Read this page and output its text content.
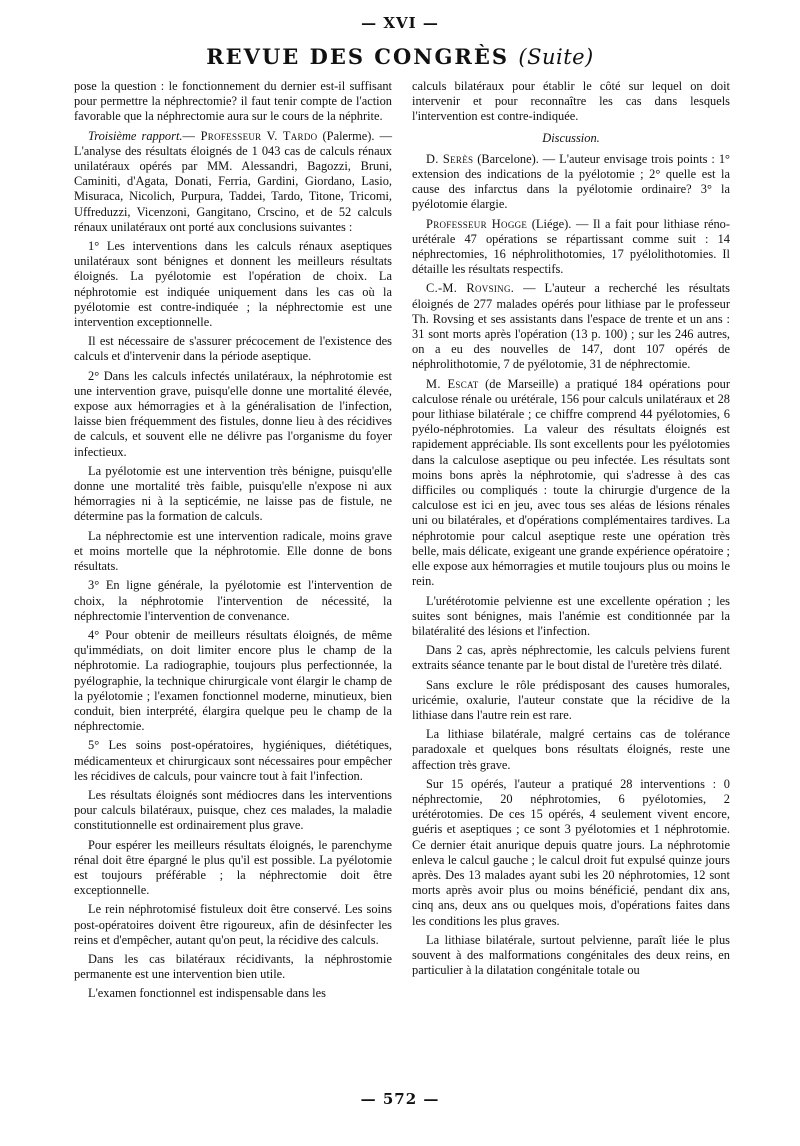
— XVI —
REVUE DES CONGRÈS (Suite)

pose la question : le fonctionnement du dernier est-il suffisant pour permettre la néphrectomie? il faut tenir compte de l'action favorable que la néphrectomie aura sur le cours de la néphrite.

Troisième rapport.— Professeur V. Tardo (Palerme). — L'analyse des résultats éloignés de 1 043 cas de calculs rénaux unilatéraux opérés par MM. Alessandri, Bagozzi, Bruni, Caminiti, d'Agata, Donati, Ferria, Gardini, Giordano, Lasio, Misuraca, Nicolich, Purpura, Taddei, Tardo, Titone, Tricomi, Uffreduzzi, Vicenzoni, Gangitano, Crscino, et de 52 calculs rénaux unilatéraux ont porté aux conclusions suivantes :

1° Les interventions dans les calculs rénaux aseptiques unilatéraux sont bénignes et donnent les meilleurs résultats éloignés. La pyélotomie est l'opération de choix. La néphrotomie est indiquée uniquement dans les cas où la pyélotomie est contre-indiquée ; la néphrectomie est une intervention exceptionnelle.

Il est nécessaire de s'assurer précocement de l'existence des calculs et d'intervenir dans la période aseptique.

2° Dans les calculs infectés unilatéraux, la néphrotomie est une intervention grave, puisqu'elle donne une mortalité élevée, expose aux hémorragies et à la généralisation de l'infection, laisse bien fréquemment des fistules, donne lieu à des récidives de calculs, et souvent elle ne délivre pas l'organisme du foyer infectieux.

La pyélotomie est une intervention très bénigne, puisqu'elle donne une mortalité très faible, puisqu'elle n'expose ni aux hémorragies ni à la septicémie, ne laisse pas de fistule, ne détermine pas la formation de calculs.

La néphrectomie est une intervention radicale, moins grave et moins mortelle que la néphrotomie. Elle donne de bons résultats.

3° En ligne générale, la pyélotomie est l'intervention de choix, la néphrotomie l'intervention de nécessité, la néphrectomie l'intervention de convenance.

4° Pour obtenir de meilleurs résultats éloignés, de même qu'immédiats, on doit limiter encore plus le champ de la néphrotomie. La radiographie, toujours plus perfectionnée, la pyélographie, la technique chirurgicale vont élargir le champ de la pyélotomie ; l'examen fonctionnel moderne, minutieux, bien conduit, bien interprété, élargira quelque peu le champ de la néphrectomie.

5° Les soins post-opératoires, hygiéniques, diététiques, médicamenteux et chirurgicaux sont nécessaires pour empêcher les récidives de calculs, pour vaincre tout à fait l'infection.

Les résultats éloignés sont médiocres dans les interventions pour calculs bilatéraux, puisque, chez ces malades, la maladie constitutionnelle est ordinairement plus grave.

Pour espérer les meilleurs résultats éloignés, le parenchyme rénal doit être épargné le plus qu'il est possible. La pyélotomie est toujours préférable ; la néphrectomie doit être exceptionnelle.

Le rein néphrotomisé fistuleux doit être conservé. Les soins post-opératoires doivent être rigoureux, afin de désinfecter les reins et d'empêcher, autant qu'on peut, la récidive des calculs.

Dans les cas bilatéraux récidivants, la néphrostomie permanente est une intervention bien utile.

L'examen fonctionnel est indispensable dans les

calculs bilatéraux pour établir le côté sur lequel on doit intervenir et pour reconnaître les cas dans lesquels l'intervention est contre-indiquée.

Discussion.

D. Serès (Barcelone). — L'auteur envisage trois points : 1° extension des indications de la pyélotomie ; 2° quelle est la cause des infarctus dans la pyélotomie ordinaire? 3° la pyélotomie élargie.

Professeur Hogge (Liége). — Il a fait pour lithiase réno-urétérale 47 opérations se répartissant comme suit : 14 néphrectomies, 16 néphrolithotomies, 17 pyélolithotomies. Il détaille les résultats respectifs.

C.-M. Rovsing. — L'auteur a recherché les résultats éloignés de 277 malades opérés pour lithiase par le professeur Th. Rovsing et ses assistants dans l'espace de trente et un ans : 31 sont morts après l'opération (13 p. 100) ; sur les 246 autres, on a eu des nouvelles de 147, dont 107 opérés de néphrolithotomie, 7 de pyélotomie, 31 de néphrectomie.

M. Escat (de Marseille) a pratiqué 184 opérations pour calculose rénale ou urétérale, 156 pour calculs unilatéraux et 28 pour lithiase bilatérale ; ce chiffre comprend 44 pyélotomies, 6 pyélo-néphrotomies. La valeur des résultats éloignés est rapidement appréciable. Ils sont excellents pour les pyélotomies dans la calculose aseptique ou peu infectée. Les résultats sont moins bons après la néphrotomie, qui s'adresse à des cas difficiles ou compliqués : toute la chirurgie d'urgence de la calculose est ici en jeu, avec tous ses aléas de lésions rénales uni ou bilatérales, et d'opérations complémentaires tardives. La néphrotomie pour calcul aseptique reste une opération très belle, mais délicate, exigeant une grande expérience opératoire ; elle expose aux hémorragies et mutile toujours plus ou moins le rein.

L'urétérotomie pelvienne est une excellente opération ; les suites sont bénignes, mais l'anémie est conditionnée par la bilatéralité des lésions et l'infection.

Dans 2 cas, après néphrectomie, les calculs pelviens furent extraits séance tenante par le bout distal de l'uretère très dilaté.

Sans exclure le rôle prédisposant des causes humorales, uricémie, oxalurie, l'auteur constate que la récidive de la lithiase dans l'autre rein est rare.

La lithiase bilatérale, malgré certains cas de tolérance paradoxale et quelques bons résultats éloignés, reste une affection très grave.

Sur 15 opérés, l'auteur a pratiqué 28 interventions : 0 néphrectomie, 20 néphrotomies, 6 pyélotomies, 2 urétérotomies. De ces 15 opérés, 4 seulement vivent encore, guéris et aseptiques ; ce sont 3 pyélotomies et 1 néphrotomie. Ce dernier était anurique depuis quatre jours. La néphrotomie enleva le calcul gauche ; le calcul droit fut expulsé quinze jours après. Des 13 malades ayant subi les 20 néphrotomies, 12 sont morts après avoir plus ou moins bénéficié, pendant dix ans, cinq ans, deux ans ou quelques mois, d'opérations faites dans les conditions les plus graves.

La lithiase bilatérale, surtout pelvienne, paraît liée le plus souvent à des malformations congénitales des deux reins, en particulier à la dilatation congénitale totale ou

— 572 —
